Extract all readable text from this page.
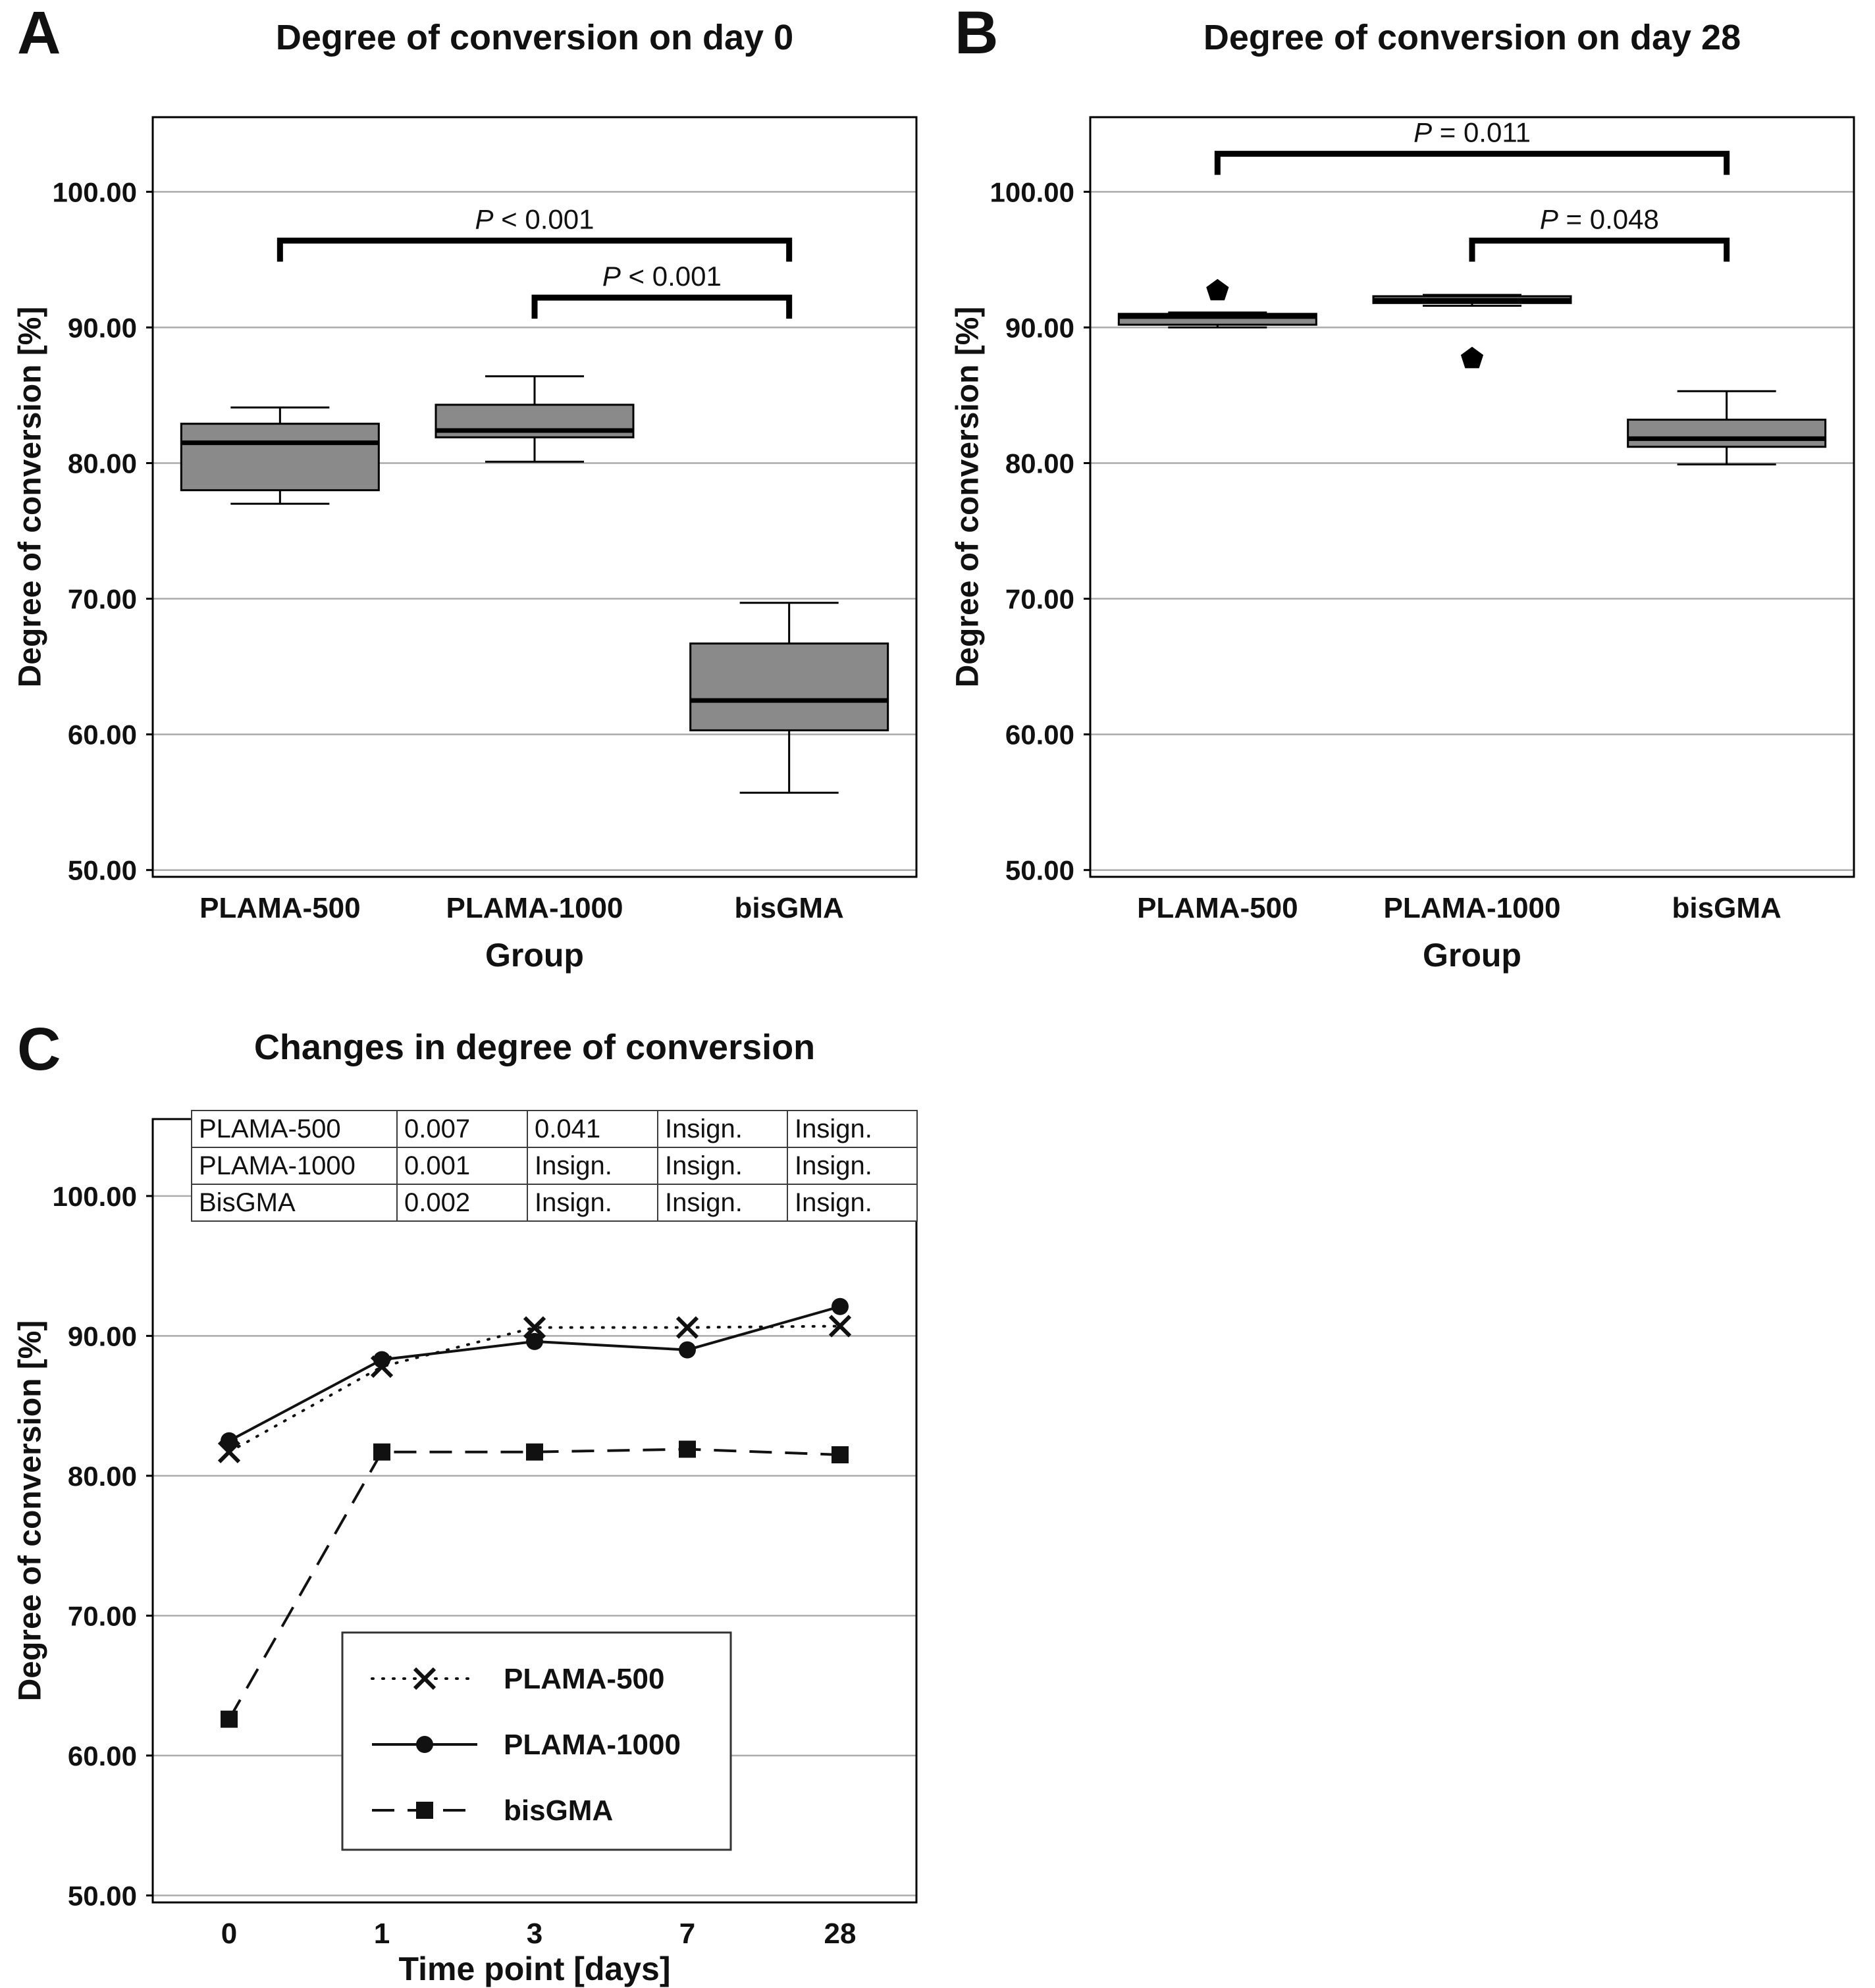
A	Degree of conversion on day 0
Degree of conversion [%]
Group
50.00
60.00
70.00
80.00
90.00
100.00
PLAMA-500	PLAMA-1000	bisGMA
P < 0.001
P < 0.001
B	Degree of conversion on day 28
Degree of conversion [%]
Group
50.00
60.00
70.00
80.00
90.00
100.00
PLAMA-500	PLAMA-1000	bisGMA
P = 0.011
P = 0.048
C	Changes in degree of conversion
Degree of conversion [%]
Time point [days]
50.00
60.00
70.00
80.00
90.00
100.00
0	1	3	7	28
PLAMA-500
PLAMA-1000
bisGMA
PLAMA-500	0.007	0.041	Insign.	Insign.
PLAMA-1000	0.001	Insign.	Insign.	Insign.
BisGMA	0.002	Insign.	Insign.	Insign.
